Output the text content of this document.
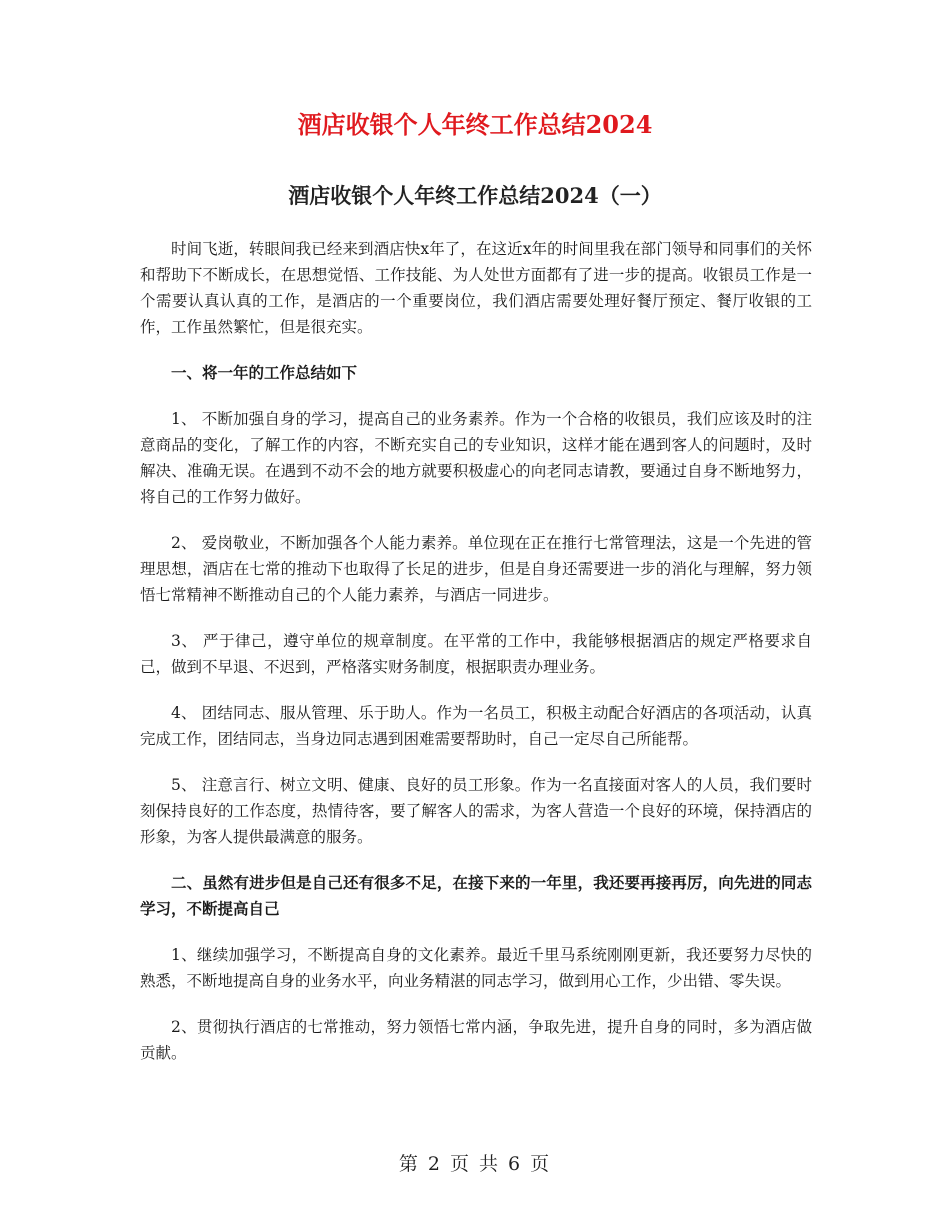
酒店收银个人年终工作总结2024
酒店收银个人年终工作总结2024（一）

时间飞逝，转眼间我已经来到酒店快x年了，在这近x年的时间里我在部门领导和同事们的关怀和帮助下不断成长，在思想觉悟、工作技能、为人处世方面都有了进一步的提高。收银员工作是一个需要认真认真的工作，是酒店的一个重要岗位，我们酒店需要处理好餐厅预定、餐厅收银的工作，工作虽然繁忙，但是很充实。

一、将一年的工作总结如下

1、 不断加强自身的学习，提高自己的业务素养。作为一个合格的收银员，我们应该及时的注意商品的变化，了解工作的内容，不断充实自己的专业知识，这样才能在遇到客人的问题时，及时解决、准确无误。在遇到不动不会的地方就要积极虚心的向老同志请教，要通过自身不断地努力，将自己的工作努力做好。

2、 爱岗敬业，不断加强各个人能力素养。单位现在正在推行七常管理法，这是一个先进的管理思想，酒店在七常的推动下也取得了长足的进步，但是自身还需要进一步的消化与理解，努力领悟七常精神不断推动自己的个人能力素养，与酒店一同进步。

3、 严于律己，遵守单位的规章制度。在平常的工作中，我能够根据酒店的规定严格要求自己，做到不早退、不迟到，严格落实财务制度，根据职责办理业务。

4、 团结同志、服从管理、乐于助人。作为一名员工，积极主动配合好酒店的各项活动，认真完成工作，团结同志，当身边同志遇到困难需要帮助时，自己一定尽自己所能帮。

5、 注意言行、树立文明、健康、良好的员工形象。作为一名直接面对客人的人员，我们要时刻保持良好的工作态度，热情待客，要了解客人的需求，为客人营造一个良好的环境，保持酒店的形象，为客人提供最满意的服务。

二、虽然有进步但是自己还有很多不足，在接下来的一年里，我还要再接再厉，向先进的同志学习，不断提高自己

1、继续加强学习，不断提高自身的文化素养。最近千里马系统刚刚更新，我还要努力尽快的熟悉，不断地提高自身的业务水平，向业务精湛的同志学习，做到用心工作，少出错、零失误。

2、贯彻执行酒店的七常推动，努力领悟七常内涵，争取先进，提升自身的同时，多为酒店做贡献。

第 2 页 共 6 页
